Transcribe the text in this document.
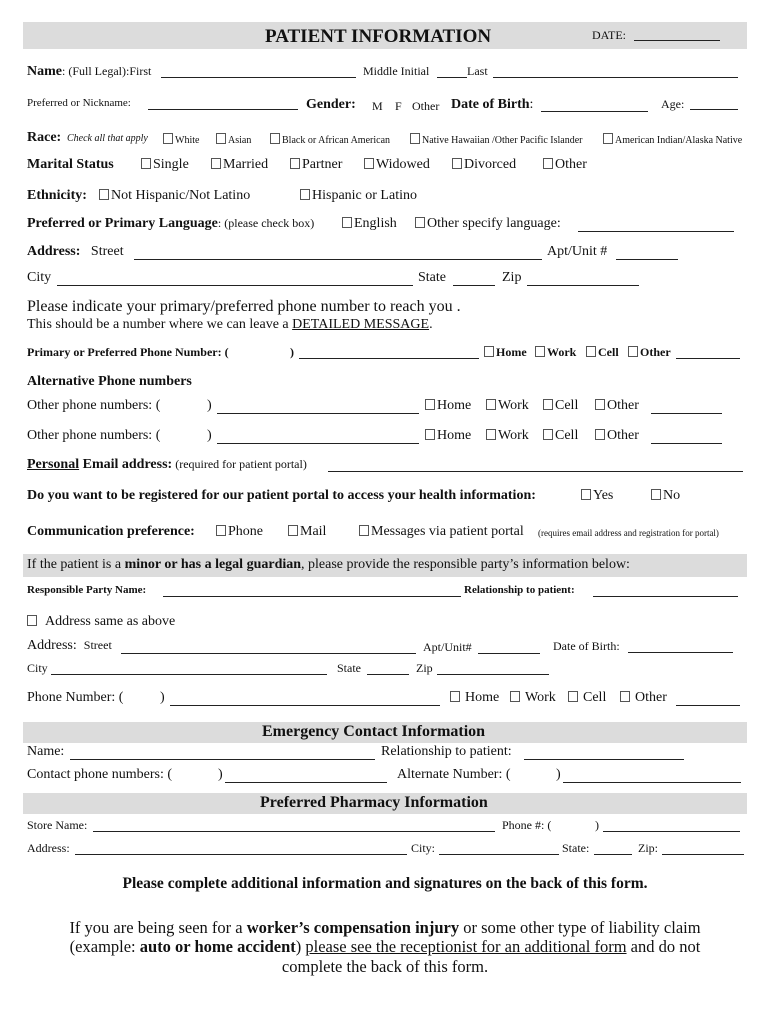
PATIENT INFORMATION	DATE:
Name: (Full Legal):First	Middle Initial	Last
Preferred or Nickname:	Gender: M F Other Date of Birth:	Age:
Race: Check all that apply	White	Asian	Black or African American	Native Hawaiian /Other Pacific Islander	American Indian/Alaska Native
Marital Status	Single	Married	Partner	Widowed	Divorced	Other
Ethnicity:	Not Hispanic/Not Latino	Hispanic or Latino
Preferred or Primary Language: (please check box)	English	Other specify language:
Address: Street	Apt/Unit #
City	State	Zip
Please indicate your primary/preferred phone number to reach you .
This should be a number where we can leave a DETAILED MESSAGE.
Primary or Preferred Phone Number: (	)	Home	Work	Cell	Other
Alternative Phone numbers
Other phone numbers: (	)	Home	Work	Cell	Other
Other phone numbers: (	)	Home	Work	Cell	Other
Personal Email address: (required for patient portal)
Do you want to be registered for our patient portal to access your health information:	Yes	No
Communication preference:	Phone	Mail	Messages via patient portal (requires email address and registration for portal)
If the patient is a minor or has a legal guardian, please provide the responsible party’s information below:
Responsible Party Name:	Relationship to patient:
Address same as above
Address: Street	Apt/Unit#	Date of Birth:
City	State	Zip
Phone Number: (	)	Home	Work	Cell	Other
Emergency Contact Information
Name:	Relationship to patient:
Contact phone numbers: (	)	Alternate Number: (	)
Preferred Pharmacy Information
Store Name:	Phone #: (	)
Address:	City:	State:	Zip:
Please complete additional information and signatures on the back of this form.
If you are being seen for a worker’s compensation injury or some other type of liability claim
(example: auto or home accident) please see the receptionist for an additional form and do not
complete the back of this form.
